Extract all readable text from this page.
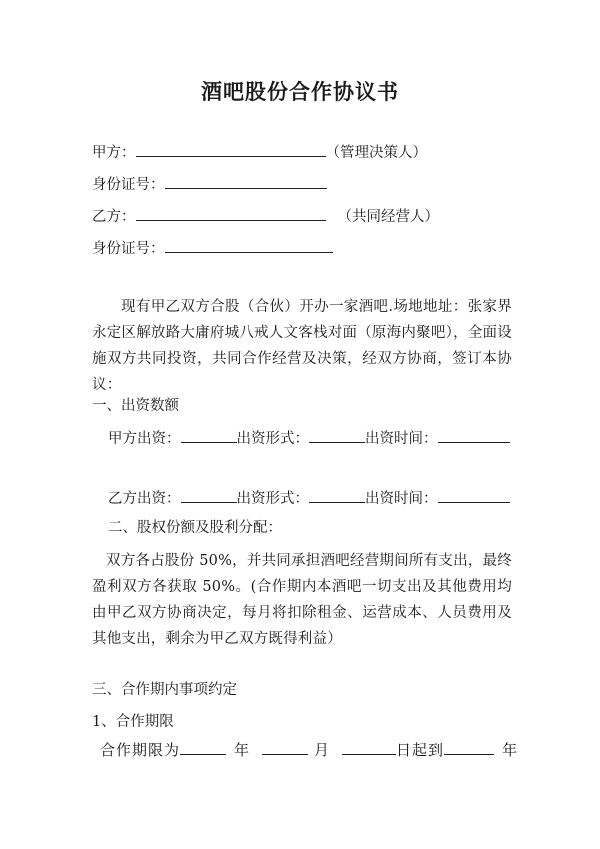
酒吧股份合作协议书
甲方：	（管理决策人）
身份证号：
乙方：	（共同经营人）
身份证号：
现有甲乙双方合股（合伙）开办一家酒吧.场地地址：张家界永定区解放路大庸府城八戒人文客栈对面（原海内聚吧），全面设施双方共同投资，共同合作经营及决策，经双方协商，签订本协议：
一、出资数额
甲方出资：	出资形式：	出资时间：
乙方出资：	出资形式：	出资时间：
二、股权份额及股利分配：
双方各占股份 50%，并共同承担酒吧经营期间所有支出，最终盈利双方各获取 50%。(合作期内本酒吧一切支出及其他费用均由甲乙双方协商决定，每月将扣除租金、运营成本、人员费用及其他支出，剩余为甲乙双方既得利益）
三、合作期内事项约定
1、合作期限
合作期限为	年	月	日起到	年
